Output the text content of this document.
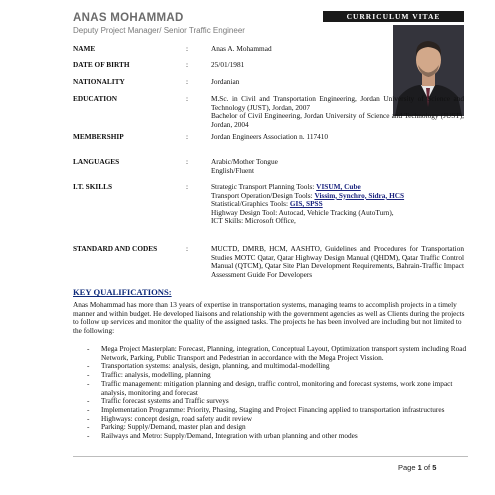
ANAS MOHAMMAD
Deputy Project Manager/ Senior Traffic Engineer
CURRICULUM VITAE
NAME	:	Anas A. Mohammad
DATE OF BIRTH	:	25/01/1981
NATIONALITY	:	Jordanian
EDUCATION	:	M.Sc. in Civil and Transportation Engineering, Jordan University of Science and Technology (JUST), Jordan, 2007
Bachelor of Civil Engineering, Jordan University of Science and Technology (JUST), Jordan, 2004
MEMBERSHIP	:	Jordan Engineers Association n. 117410
LANGUAGES	:	Arabic/Mother Tongue
English/Fluent
I.T. SKILLS	:	Strategic Transport Planning Tools: VISUM, Cube
Transport Operation/Design Tools: Vissim, Synchro, Sidra, HCS
Statistical/Graphics Tools: GIS, SPSS
Highway Design Tool: Autocad, Vehicle Tracking (AutoTurn),
ICT Skills: Microsoft Office,
STANDARD AND CODES	:	MUCTD, DMRB, HCM, AASHTO, Guidelines and Procedures for Transportation Studies MOTC Qatar, Qatar Highway Design Manual (QHDM), Qatar Traffic Control Manual (QTCM), Qatar Site Plan Development Requirements, Bahrain-Traffic Impact Assessment Guide For Developers
KEY QUALIFICATIONS:
Anas Mohammad has more than 13 years of expertise in transportation systems, managing teams to accomplish projects in a timely manner and within budget. He developed liaisons and relationship with the government agencies as well as Clients during the projects to follow up services and monitor the quality of the assigned tasks. The projects he has been involved are including but not limited to the following:
- Mega Project Masterplan: Forecast, Planning, integration, Conceptual Layout, Optimization transport system including Road Network, Parking, Public Transport and Pedestrian in accordance with the Mega Project Vission.
- Transportation systems: analysis, design, planning, and multimodal-modelling
- Traffic: analysis, modelling, planning
- Traffic management: mitigation planning and design, traffic control, monitoring and forecast systems, work zone impact analysis, monitoring and forecast
- Traffic forecast systems and Traffic surveys
- Implementation Programme: Priority, Phasing, Staging and Project Financing applied to transportation infrastructures
- Highways: concept design, road safety audit review
- Parking: Supply/Demand, master plan and design
- Railways and Metro: Supply/Demand, Integration with urban planning and other modes
Page 1 of 5
